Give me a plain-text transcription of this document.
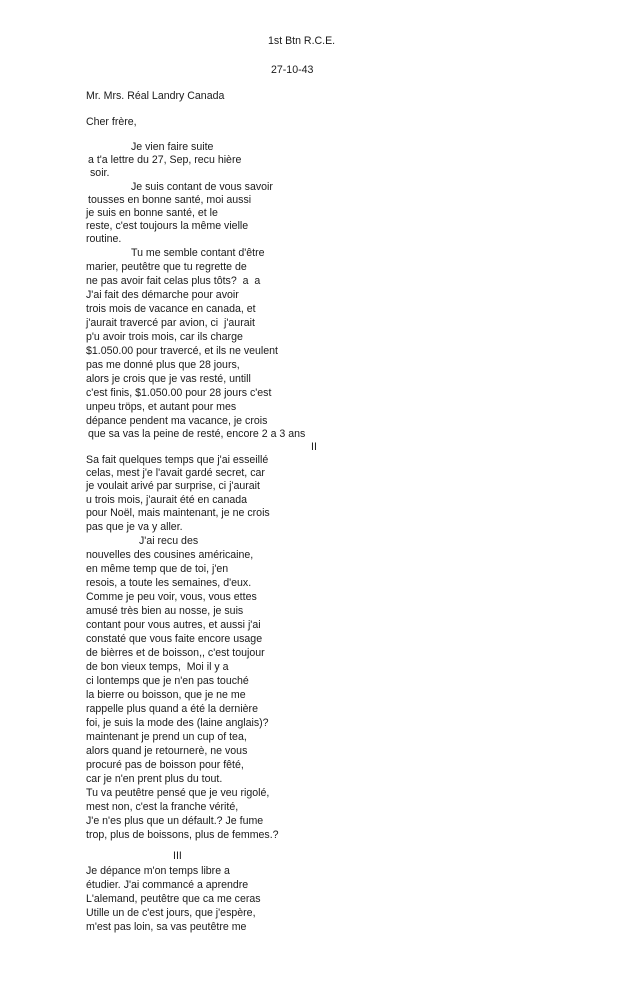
1st Btn R.C.E.
27-10-43
Mr. Mrs. Réal Landry Canada
Cher frère,
Je vien faire suite
a t'a lettre du 27, Sep, recu hière
soir.
Je suis contant de vous savoir
tousses en bonne santé, moi aussi
je suis en bonne santé, et le
reste, c'est toujours la même vielle
routine.
Tu me semble contant d'être
marier, peutêtre que tu regrette de
ne pas avoir fait celas plus tôts?  a  a
J'ai fait des démarche pour avoir
trois mois de vacance en canada, et
j'aurait travercé par avion, ci  j'aurait
p'u avoir trois mois, car ils charge
$1.050.00 pour travercé, et ils ne veulent
pas me donné plus que 28 jours,
alors je crois que je vas resté, untill
c'est finis, $1.050.00 pour 28 jours c'est
unpeu tröps, et autant pour mes
dépance pendent ma vacance, je crois
que sa vas la peine de resté, encore 2 a 3 ans
II
Sa fait quelques temps que j'ai esseillé
celas, mest j'e l'avait gardé secret, car
je voulait arivé par surprise, ci j'aurait
u trois mois, j'aurait été en canada
pour Noël, mais maintenant, je ne crois
pas que je va y aller.
J'ai recu des
nouvelles des cousines américaine,
en même temp que de toi, j'en
resois, a toute les semaines, d'eux.
Comme je peu voir, vous, vous ettes
amusé très bien au nosse, je suis
contant pour vous autres, et aussi j'ai
constaté que vous faite encore usage
de bièrres et de boisson,, c'est toujour
de bon vieux temps,  Moi il y a
ci lontemps que je n'en pas touché
la bierre ou boisson, que je ne me
rappelle plus quand a été la dernière
foi, je suis la mode des (laine anglais)?
maintenant je prend un cup of tea,
alors quand je retournerè, ne vous
procuré pas de boisson pour fêté,
car je n'en prent plus du tout.
Tu va peutêtre pensé que je veu rigolé,
mest non, c'est la franche vérité,
J'e n'es plus que un défault.? Je fume
trop, plus de boissons, plus de femmes.?
III
Je dépance m'on temps libre a
étudier. J'ai commancé a aprendre
L'alemand, peutêtre que ca me ceras
Utille un de c'est jours, que j'espère,
m'est pas loin, sa vas peutêtre me
